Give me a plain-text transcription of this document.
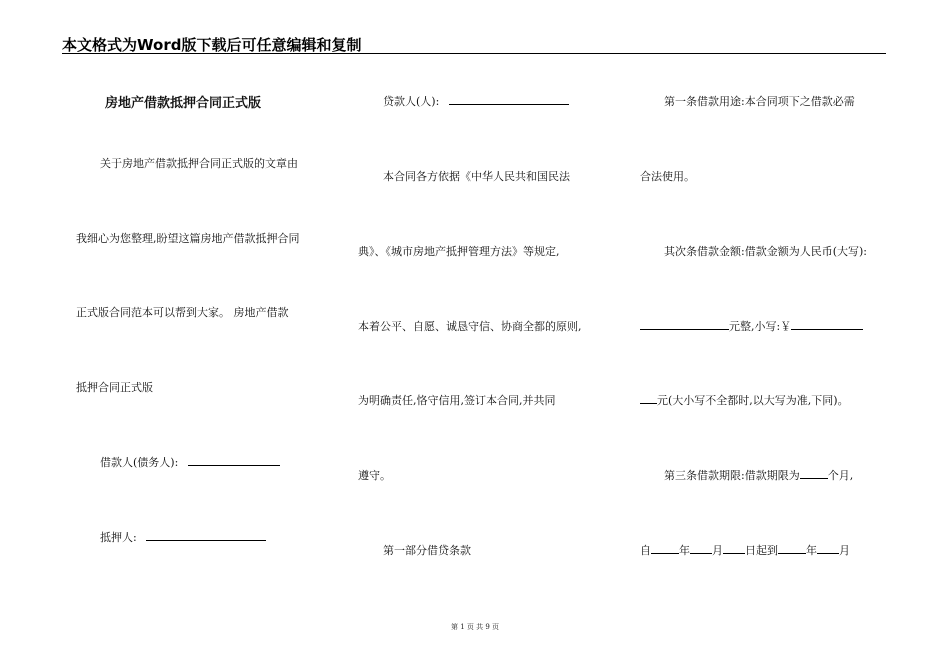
本文格式为Word版下载后可任意编辑和复制
房地产借款抵押合同正式版
关于房地产借款抵押合同正式版的文章由
我细心为您整理,盼望这篇房地产借款抵押合同
正式版合同范本可以帮到大家。 房地产借款
抵押合同正式版
借款人(债务人):
抵押人:
贷款人(人):
本合同各方依据《中华人民共和国民法
典》、《城市房地产抵押管理方法》等规定,
本着公平、自愿、诚恳守信、协商全都的原则,
为明确责任,恪守信用,签订本合同,并共同
遵守。
第一部分借贷条款
第一条借款用途:本合同项下之借款必需
合法使用。
其次条借款金额:借款金额为人民币(大写):
元整,小写:￥
元(大小写不全都时,以大写为准,下同)。
第三条借款期限:借款期限为	个月,
自	年 月 日起到	年 月
第 1 页 共 9 页
